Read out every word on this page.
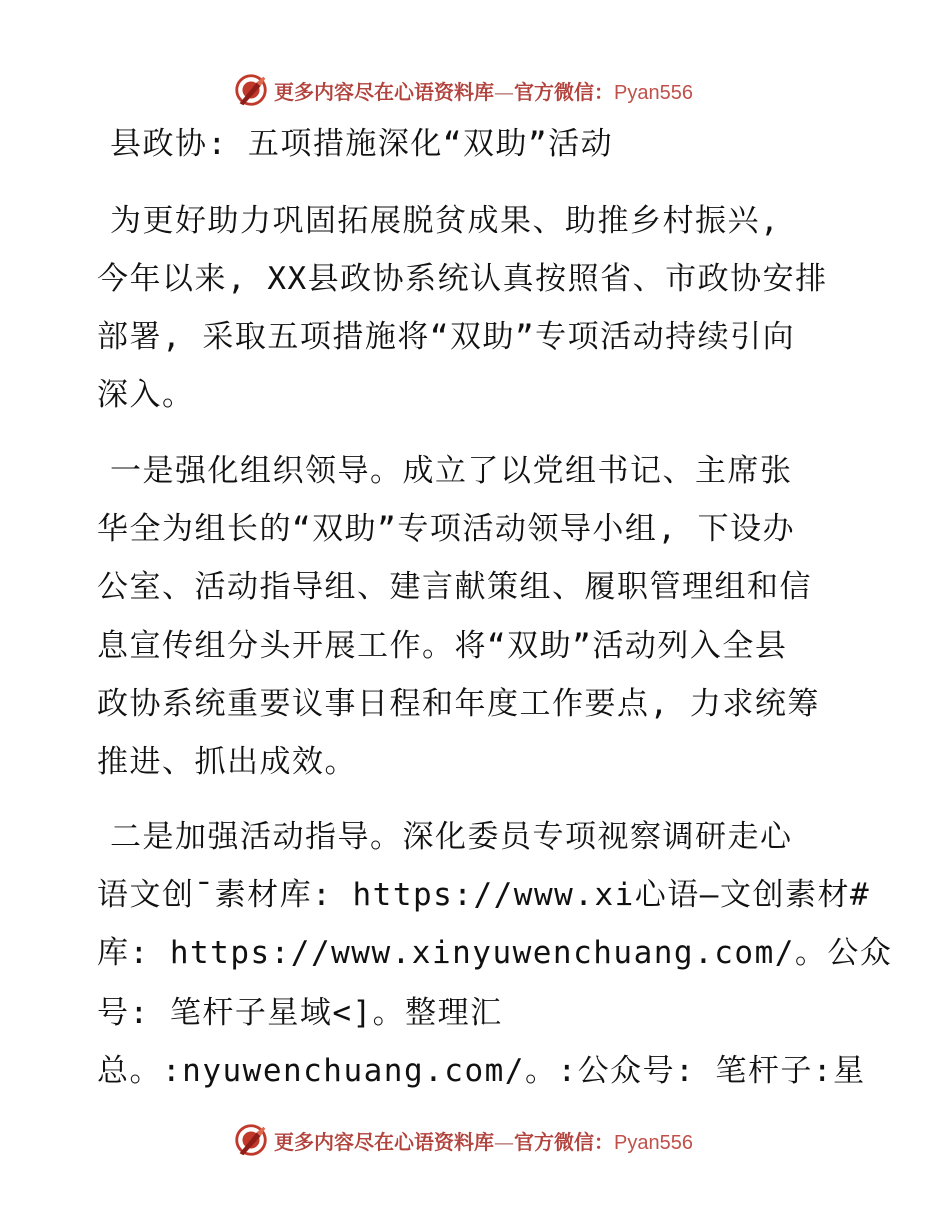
更多内容尽在心语资料库—官方微信：Pyan556
县政协: 五项措施深化“双助”活动
为更好助力巩固拓展脱贫成果、助推乡村振兴,
今年以来, XX县政协系统认真按照省、市政协安排
部署, 采取五项措施将“双助”专项活动持续引向
深入。
一是强化组织领导。成立了以党组书记、主席张
华全为组长的“双助”专项活动领导小组, 下设办
公室、活动指导组、建言献策组、履职管理组和信
息宣传组分头开展工作。将“双助”活动列入全县
政协系统重要议事日程和年度工作要点, 力求统筹
推进、抓出成效。
二是加强活动指导。深化委员专项视察调研走心
语文创¯素材库: https://www.xi心语—文创素材#
库: https://www.xinyuwenchuang.com/。公众
号: 笔杆子星域<]。整理汇
总。:nyuwenchuang.com/。:公众号: 笔杆子:星
更多内容尽在心语资料库—官方微信：Pyan556
